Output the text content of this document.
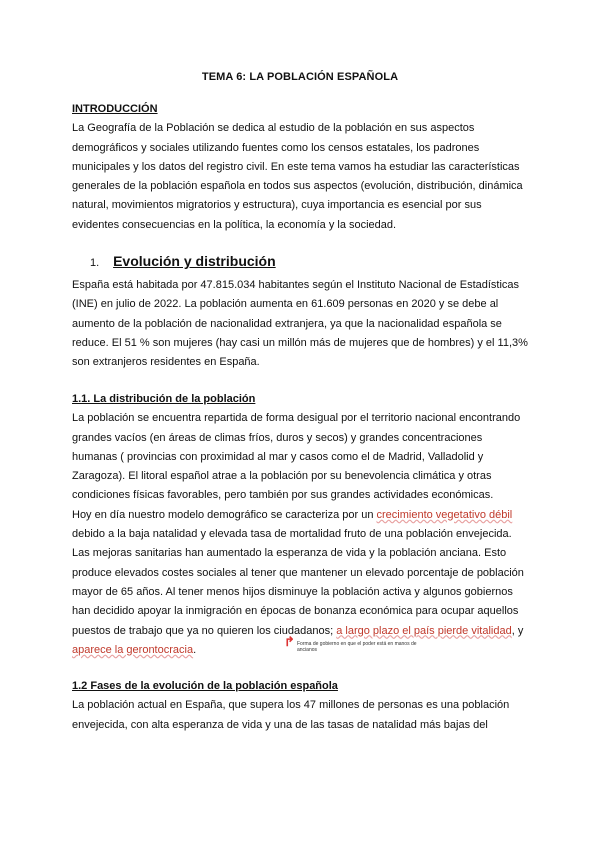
TEMA 6: LA POBLACIÓN ESPAÑOLA
INTRODUCCIÓN

La Geografía de la Población se dedica al estudio de la población en sus aspectos demográficos y sociales utilizando fuentes como los censos estatales, los padrones municipales y los datos del registro civil. En este tema vamos ha estudiar las características generales de la población española en todos sus aspectos (evolución, distribución, dinámica natural, movimientos migratorios y estructura), cuya importancia es esencial por sus evidentes consecuencias en la política, la economía y la sociedad.

1. Evolución y distribución

España está habitada por 47.815.034 habitantes según el Instituto Nacional de Estadísticas (INE) en julio de 2022. La población aumenta en 61.609 personas en 2020 y se debe al aumento de la población de nacionalidad extranjera, ya que la nacionalidad española se reduce. El 51 % son mujeres (hay casi un millón más de mujeres que de hombres) y el 11,3% son extranjeros residentes en España.

1.1. La distribución de la población

La población se encuentra repartida de forma desigual por el territorio nacional encontrando grandes vacíos (en áreas de climas fríos, duros y secos) y grandes concentraciones humanas ( provincias con proximidad al mar y casos como el de Madrid, Valladolid y Zaragoza). El litoral español atrae a la población por su benevolencia climática y otras condiciones físicas favorables, pero también por sus grandes actividades económicas.

Hoy en día nuestro modelo demográfico se caracteriza por un crecimiento vegetativo débil debido a la baja natalidad y elevada tasa de mortalidad fruto de una población envejecida. Las mejoras sanitarias han aumentado la esperanza de vida y la población anciana. Esto produce elevados costes sociales al tener que mantener un elevado porcentaje de población mayor de 65 años. Al tener menos hijos disminuye la población activa y algunos gobiernos han decidido apoyar la inmigración en épocas de bonanza económica para ocupar aquellos puestos de trabajo que ya no quieren los ciudadanos; a largo plazo el país pierde vitalidad, y aparece la gerontocracia.

↱ Forma de gobierno en que el poder está en manos de ancianos
1.2 Fases de la evolución de la población española

La población actual en España, que supera los 47 millones de personas es una población envejecida, con alta esperanza de vida y una de las tasas de natalidad más bajas del
